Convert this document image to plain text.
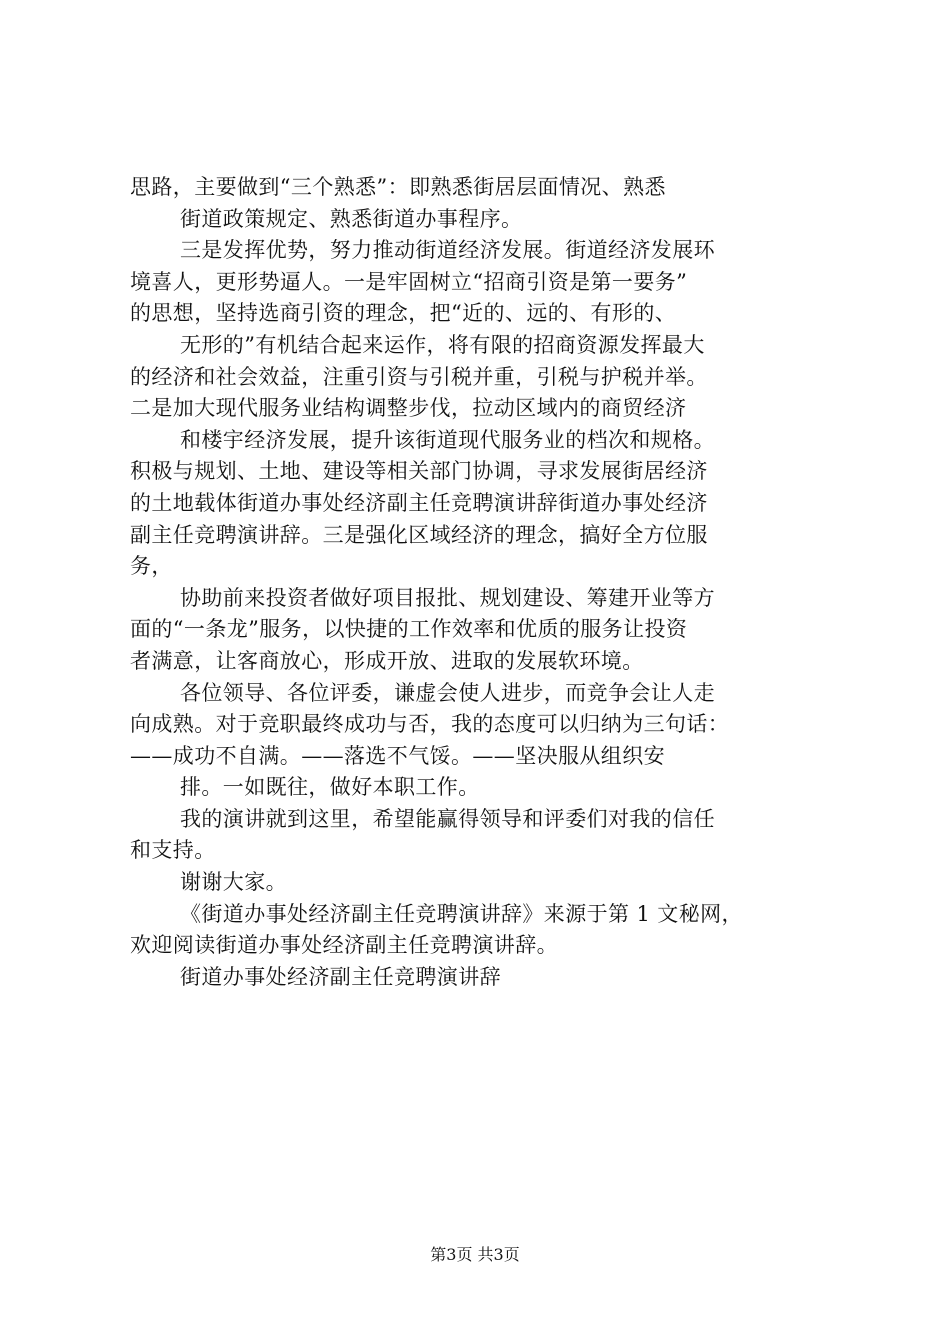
思路，主要做到“三个熟悉”：即熟悉街居层面情况、熟悉
街道政策规定、熟悉街道办事程序。
三是发挥优势，努力推动街道经济发展。街道经济发展环
境喜人，更形势逼人。一是牢固树立“招商引资是第一要务”
的思想，坚持选商引资的理念，把“近的、远的、有形的、
无形的”有机结合起来运作，将有限的招商资源发挥最大
的经济和社会效益，注重引资与引税并重，引税与护税并举。
二是加大现代服务业结构调整步伐，拉动区域内的商贸经济
和楼宇经济发展，提升该街道现代服务业的档次和规格。
积极与规划、土地、建设等相关部门协调，寻求发展街居经济
的土地载体街道办事处经济副主任竞聘演讲辞街道办事处经济
副主任竞聘演讲辞。三是强化区域经济的理念，搞好全方位服
务，
协助前来投资者做好项目报批、规划建设、筹建开业等方
面的“一条龙”服务，以快捷的工作效率和优质的服务让投资
者满意，让客商放心，形成开放、进取的发展软环境。
各位领导、各位评委，谦虚会使人进步，而竞争会让人走
向成熟。对于竞职最终成功与否，我的态度可以归纳为三句话：
——成功不自满。——落选不气馁。——坚决服从组织安
排。一如既往，做好本职工作。
我的演讲就到这里，希望能赢得领导和评委们对我的信任
和支持。
谢谢大家。
《街道办事处经济副主任竞聘演讲辞》来源于第 1 文秘网，
欢迎阅读街道办事处经济副主任竞聘演讲辞。
街道办事处经济副主任竞聘演讲辞
第3页 共3页
